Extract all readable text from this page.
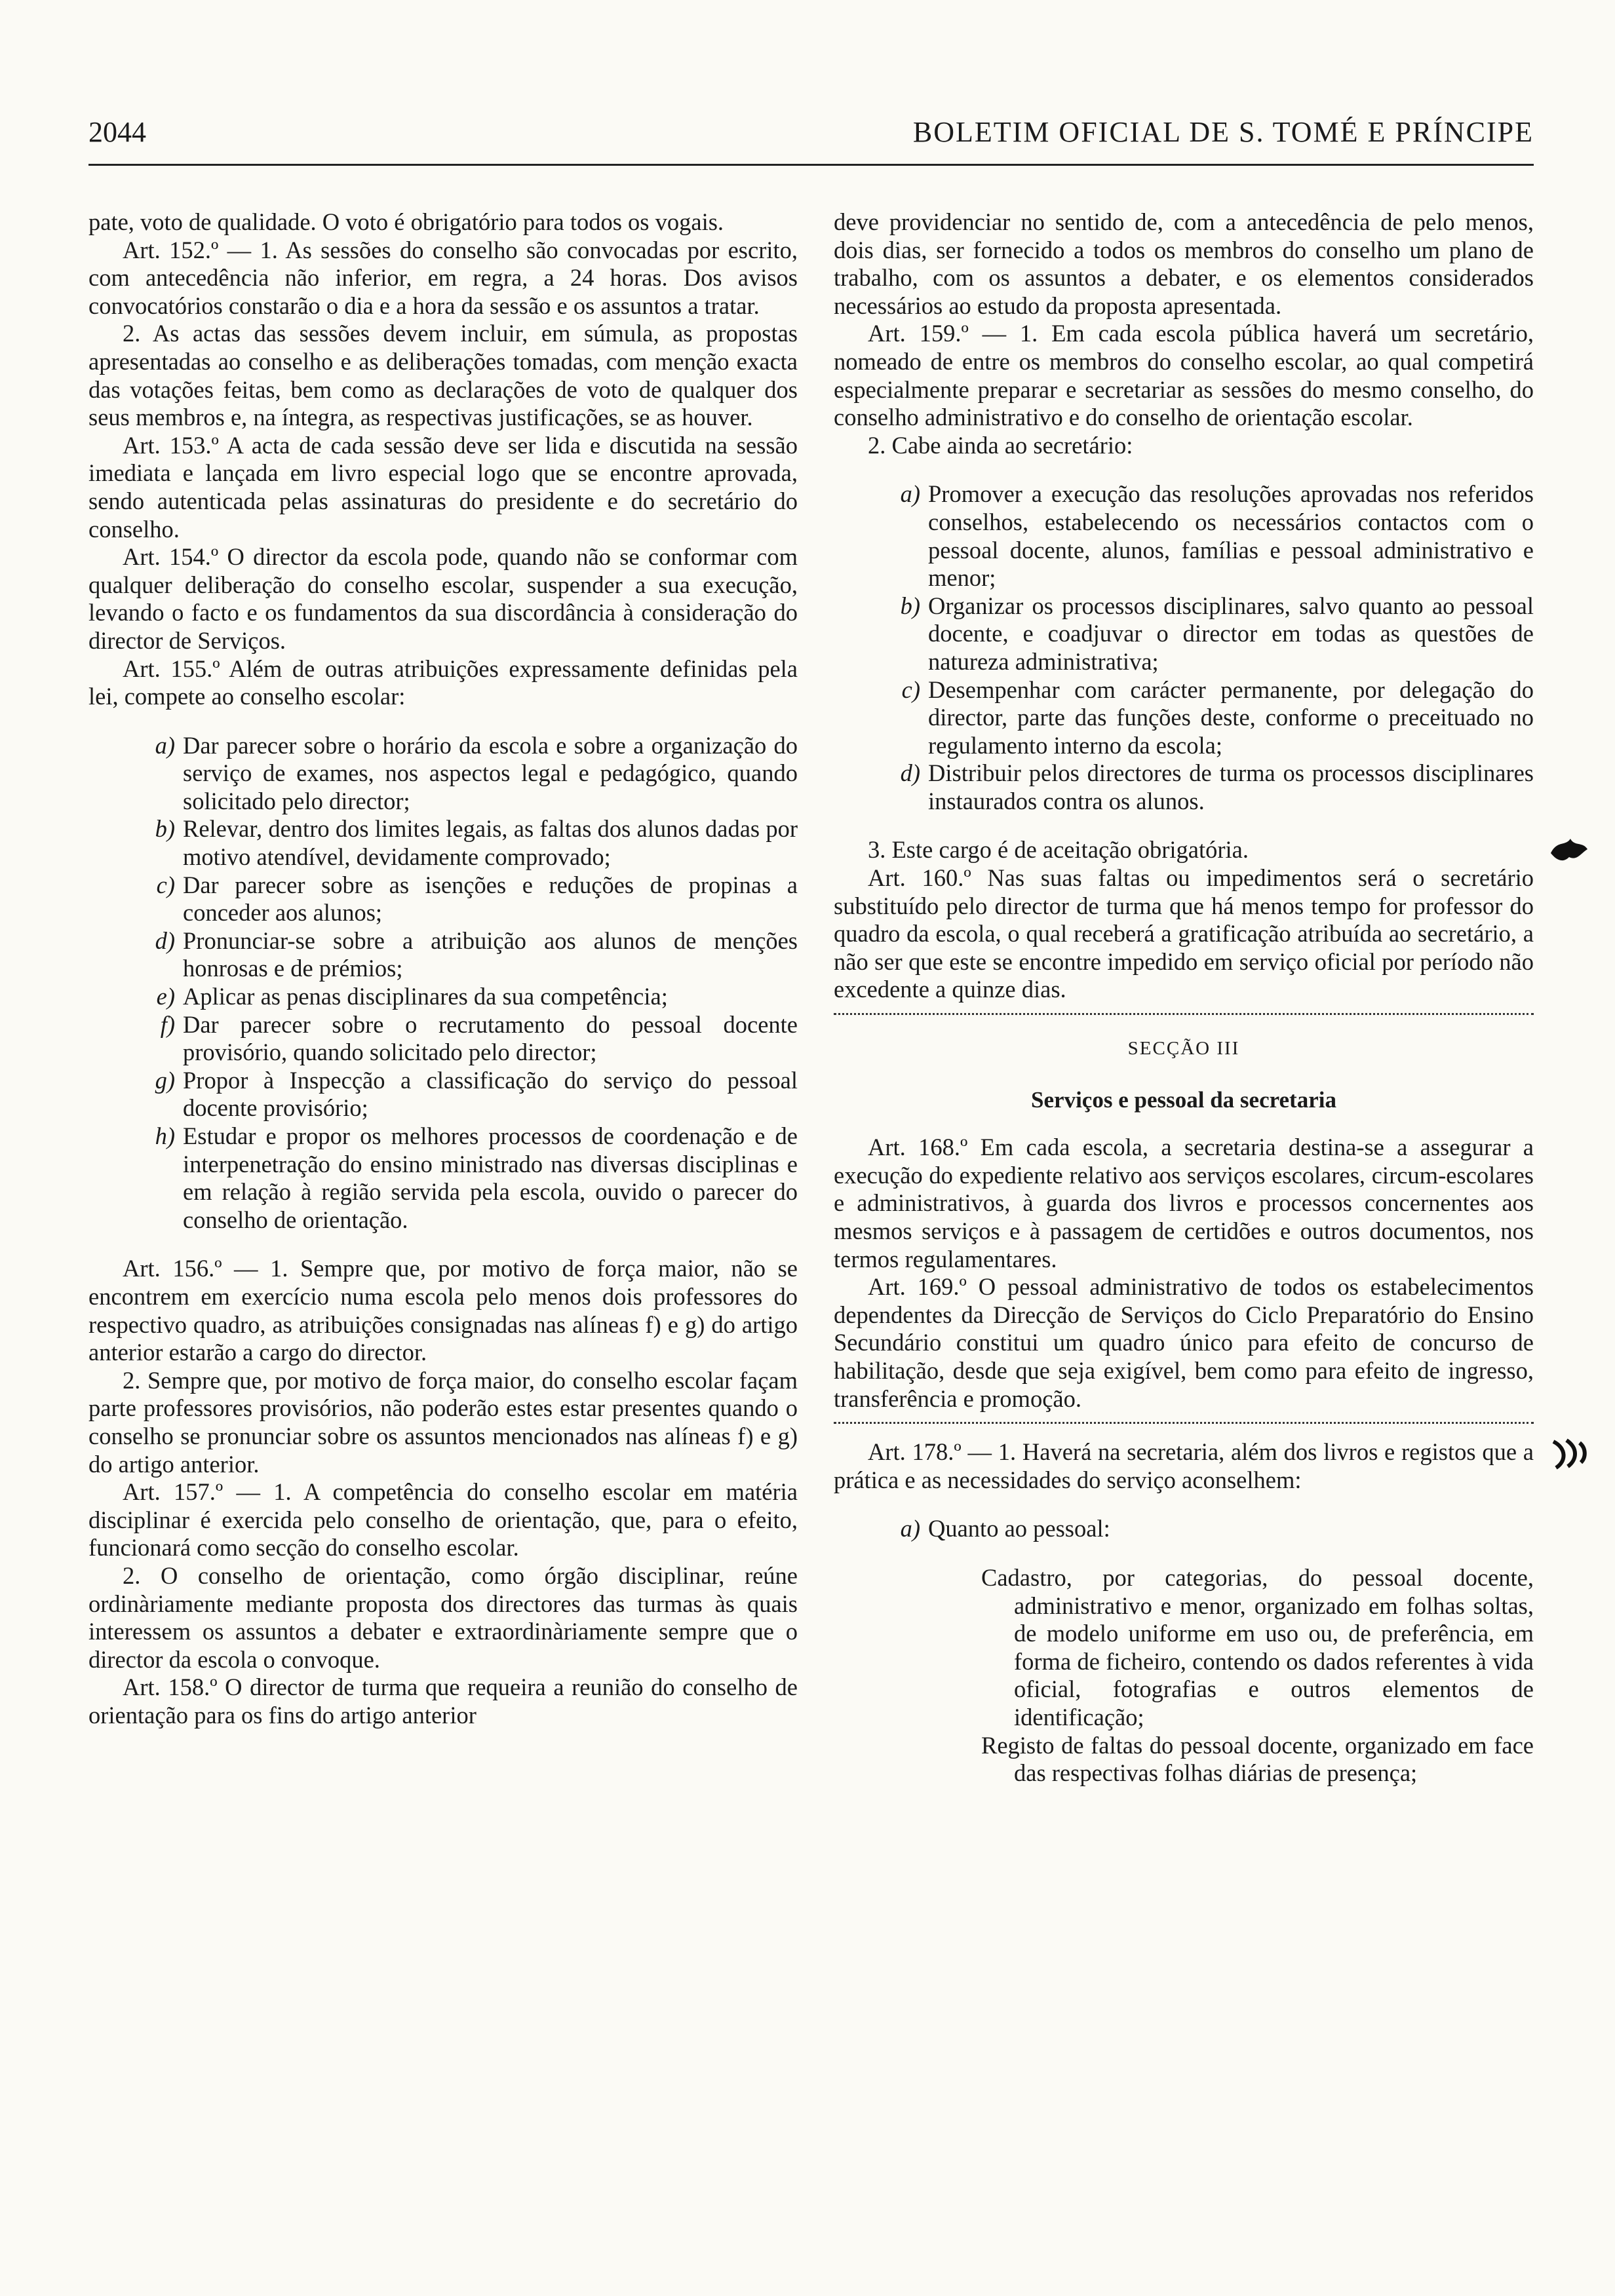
2044	BOLETIM OFICIAL DE S. TOMÉ E PRÍNCIPE

pate, voto de qualidade. O voto é obrigatório para todos os vogais.

Art. 152.º — 1. As sessões do conselho são convocadas por escrito, com antecedência não inferior, em regra, a 24 horas. Dos avisos convocatórios constarão o dia e a hora da sessão e os assuntos a tratar.

2. As actas das sessões devem incluir, em súmula, as propostas apresentadas ao conselho e as deliberações tomadas, com menção exacta das votações feitas, bem como as declarações de voto de qualquer dos seus membros e, na íntegra, as respectivas justificações, se as houver.

Art. 153.º A acta de cada sessão deve ser lida e discutida na sessão imediata e lançada em livro especial logo que se encontre aprovada, sendo autenticada pelas assinaturas do presidente e do secretário do conselho.

Art. 154.º O director da escola pode, quando não se conformar com qualquer deliberação do conselho escolar, suspender a sua execução, levando o facto e os fundamentos da sua discordância à consideração do director de Serviços.

Art. 155.º Além de outras atribuições expressamente definidas pela lei, compete ao conselho escolar:

a) Dar parecer sobre o horário da escola e sobre a organização do serviço de exames, nos aspectos legal e pedagógico, quando solicitado pelo director;
b) Relevar, dentro dos limites legais, as faltas dos alunos dadas por motivo atendível, devidamente comprovado;
c) Dar parecer sobre as isenções e reduções de propinas a conceder aos alunos;
d) Pronunciar-se sobre a atribuição aos alunos de menções honrosas e de prémios;
e) Aplicar as penas disciplinares da sua competência;
f) Dar parecer sobre o recrutamento do pessoal docente provisório, quando solicitado pelo director;
g) Propor à Inspecção a classificação do serviço do pessoal docente provisório;
h) Estudar e propor os melhores processos de coordenação e de interpenetração do ensino ministrado nas diversas disciplinas e em relação à região servida pela escola, ouvido o parecer do conselho de orientação.

Art. 156.º — 1. Sempre que, por motivo de força maior, não se encontrem em exercício numa escola pelo menos dois professores do respectivo quadro, as atribuições consignadas nas alíneas f) e g) do artigo anterior estarão a cargo do director.

2. Sempre que, por motivo de força maior, do conselho escolar façam parte professores provisórios, não poderão estes estar presentes quando o conselho se pronunciar sobre os assuntos mencionados nas alíneas f) e g) do artigo anterior.

Art. 157.º — 1. A competência do conselho escolar em matéria disciplinar é exercida pelo conselho de orientação, que, para o efeito, funcionará como secção do conselho escolar.

2. O conselho de orientação, como órgão disciplinar, reúne ordinàriamente mediante proposta dos directores das turmas às quais interessem os assuntos a debater e extraordinàriamente sempre que o director da escola o convoque.

Art. 158.º O director de turma que requeira a reunião do conselho de orientação para os fins do artigo anterior

deve providenciar no sentido de, com a antecedência de pelo menos, dois dias, ser fornecido a todos os membros do conselho um plano de trabalho, com os assuntos a debater, e os elementos considerados necessários ao estudo da proposta apresentada.

Art. 159.º — 1. Em cada escola pública haverá um secretário, nomeado de entre os membros do conselho escolar, ao qual competirá especialmente preparar e secretariar as sessões do mesmo conselho, do conselho administrativo e do conselho de orientação escolar.

2. Cabe ainda ao secretário:

a) Promover a execução das resoluções aprovadas nos referidos conselhos, estabelecendo os necessários contactos com o pessoal docente, alunos, famílias e pessoal administrativo e menor;
b) Organizar os processos disciplinares, salvo quanto ao pessoal docente, e coadjuvar o director em todas as questões de natureza administrativa;
c) Desempenhar com carácter permanente, por delegação do director, parte das funções deste, conforme o preceituado no regulamento interno da escola;
d) Distribuir pelos directores de turma os processos disciplinares instaurados contra os alunos.

3. Este cargo é de aceitação obrigatória.

Art. 160.º Nas suas faltas ou impedimentos será o secretário substituído pelo director de turma que há menos tempo for professor do quadro da escola, o qual receberá a gratificação atribuída ao secretário, a não ser que este se encontre impedido em serviço oficial por período não excedente a quinze dias.

SECÇÃO III
Serviços e pessoal da secretaria

Art. 168.º Em cada escola, a secretaria destina-se a assegurar a execução do expediente relativo aos serviços escolares, circum-escolares e administrativos, à guarda dos livros e processos concernentes aos mesmos serviços e à passagem de certidões e outros documentos, nos termos regulamentares.

Art. 169.º O pessoal administrativo de todos os estabelecimentos dependentes da Direcção de Serviços do Ciclo Preparatório do Ensino Secundário constitui um quadro único para efeito de concurso de habilitação, desde que seja exigível, bem como para efeito de ingresso, transferência e promoção.

Art. 178.º — 1. Haverá na secretaria, além dos livros e registos que a prática e as necessidades do serviço aconselhem:

a) Quanto ao pessoal:

Cadastro, por categorias, do pessoal docente, administrativo e menor, organizado em folhas soltas, de modelo uniforme em uso ou, de preferência, em forma de ficheiro, contendo os dados referentes à vida oficial, fotografias e outros elementos de identificação;

Registo de faltas do pessoal docente, organizado em face das respectivas folhas diárias de presença;
